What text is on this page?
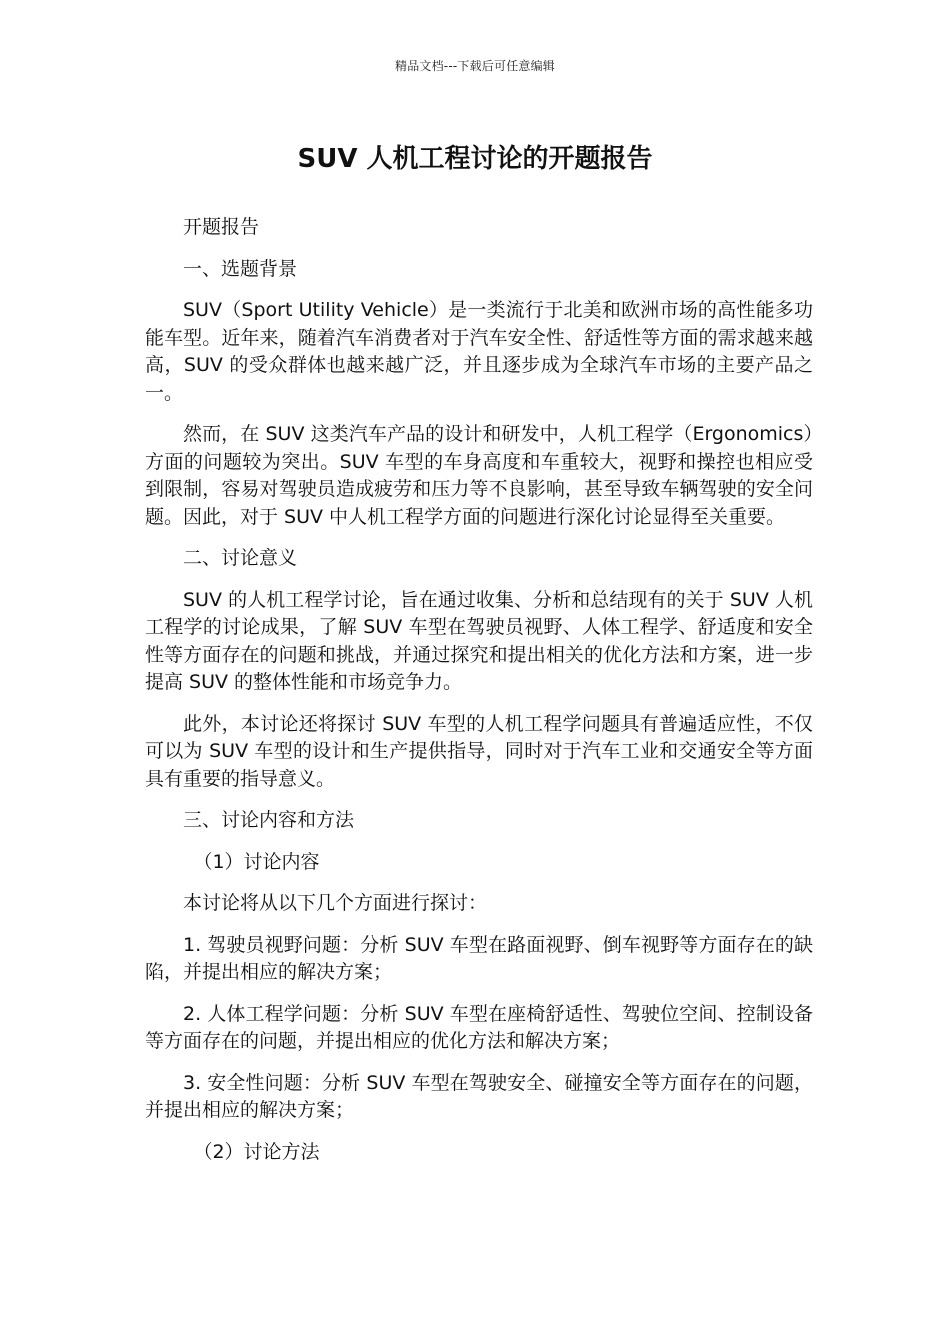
精品文档---下载后可任意编辑
SUV 人机工程讨论的开题报告

开题报告

一、选题背景

SUV（Sport Utility Vehicle）是一类流行于北美和欧洲市场的高性能多功能车型。近年来，随着汽车消费者对于汽车安全性、舒适性等方面的需求越来越高，SUV 的受众群体也越来越广泛，并且逐步成为全球汽车市场的主要产品之一。

然而，在 SUV 这类汽车产品的设计和研发中，人机工程学（Ergonomics）方面的问题较为突出。SUV 车型的车身高度和车重较大，视野和操控也相应受到限制，容易对驾驶员造成疲劳和压力等不良影响，甚至导致车辆驾驶的安全问题。因此，对于 SUV 中人机工程学方面的问题进行深化讨论显得至关重要。

二、讨论意义

SUV 的人机工程学讨论，旨在通过收集、分析和总结现有的关于 SUV 人机工程学的讨论成果，了解 SUV 车型在驾驶员视野、人体工程学、舒适度和安全性等方面存在的问题和挑战，并通过探究和提出相关的优化方法和方案，进一步提高 SUV 的整体性能和市场竞争力。

此外，本讨论还将探讨 SUV 车型的人机工程学问题具有普遍适应性，不仅可以为 SUV 车型的设计和生产提供指导，同时对于汽车工业和交通安全等方面具有重要的指导意义。

三、讨论内容和方法

（1）讨论内容

本讨论将从以下几个方面进行探讨：

1. 驾驶员视野问题：分析 SUV 车型在路面视野、倒车视野等方面存在的缺陷，并提出相应的解决方案；

2. 人体工程学问题：分析 SUV 车型在座椅舒适性、驾驶位空间、控制设备等方面存在的问题，并提出相应的优化方法和解决方案；

3. 安全性问题：分析 SUV 车型在驾驶安全、碰撞安全等方面存在的问题，并提出相应的解决方案；

（2）讨论方法
